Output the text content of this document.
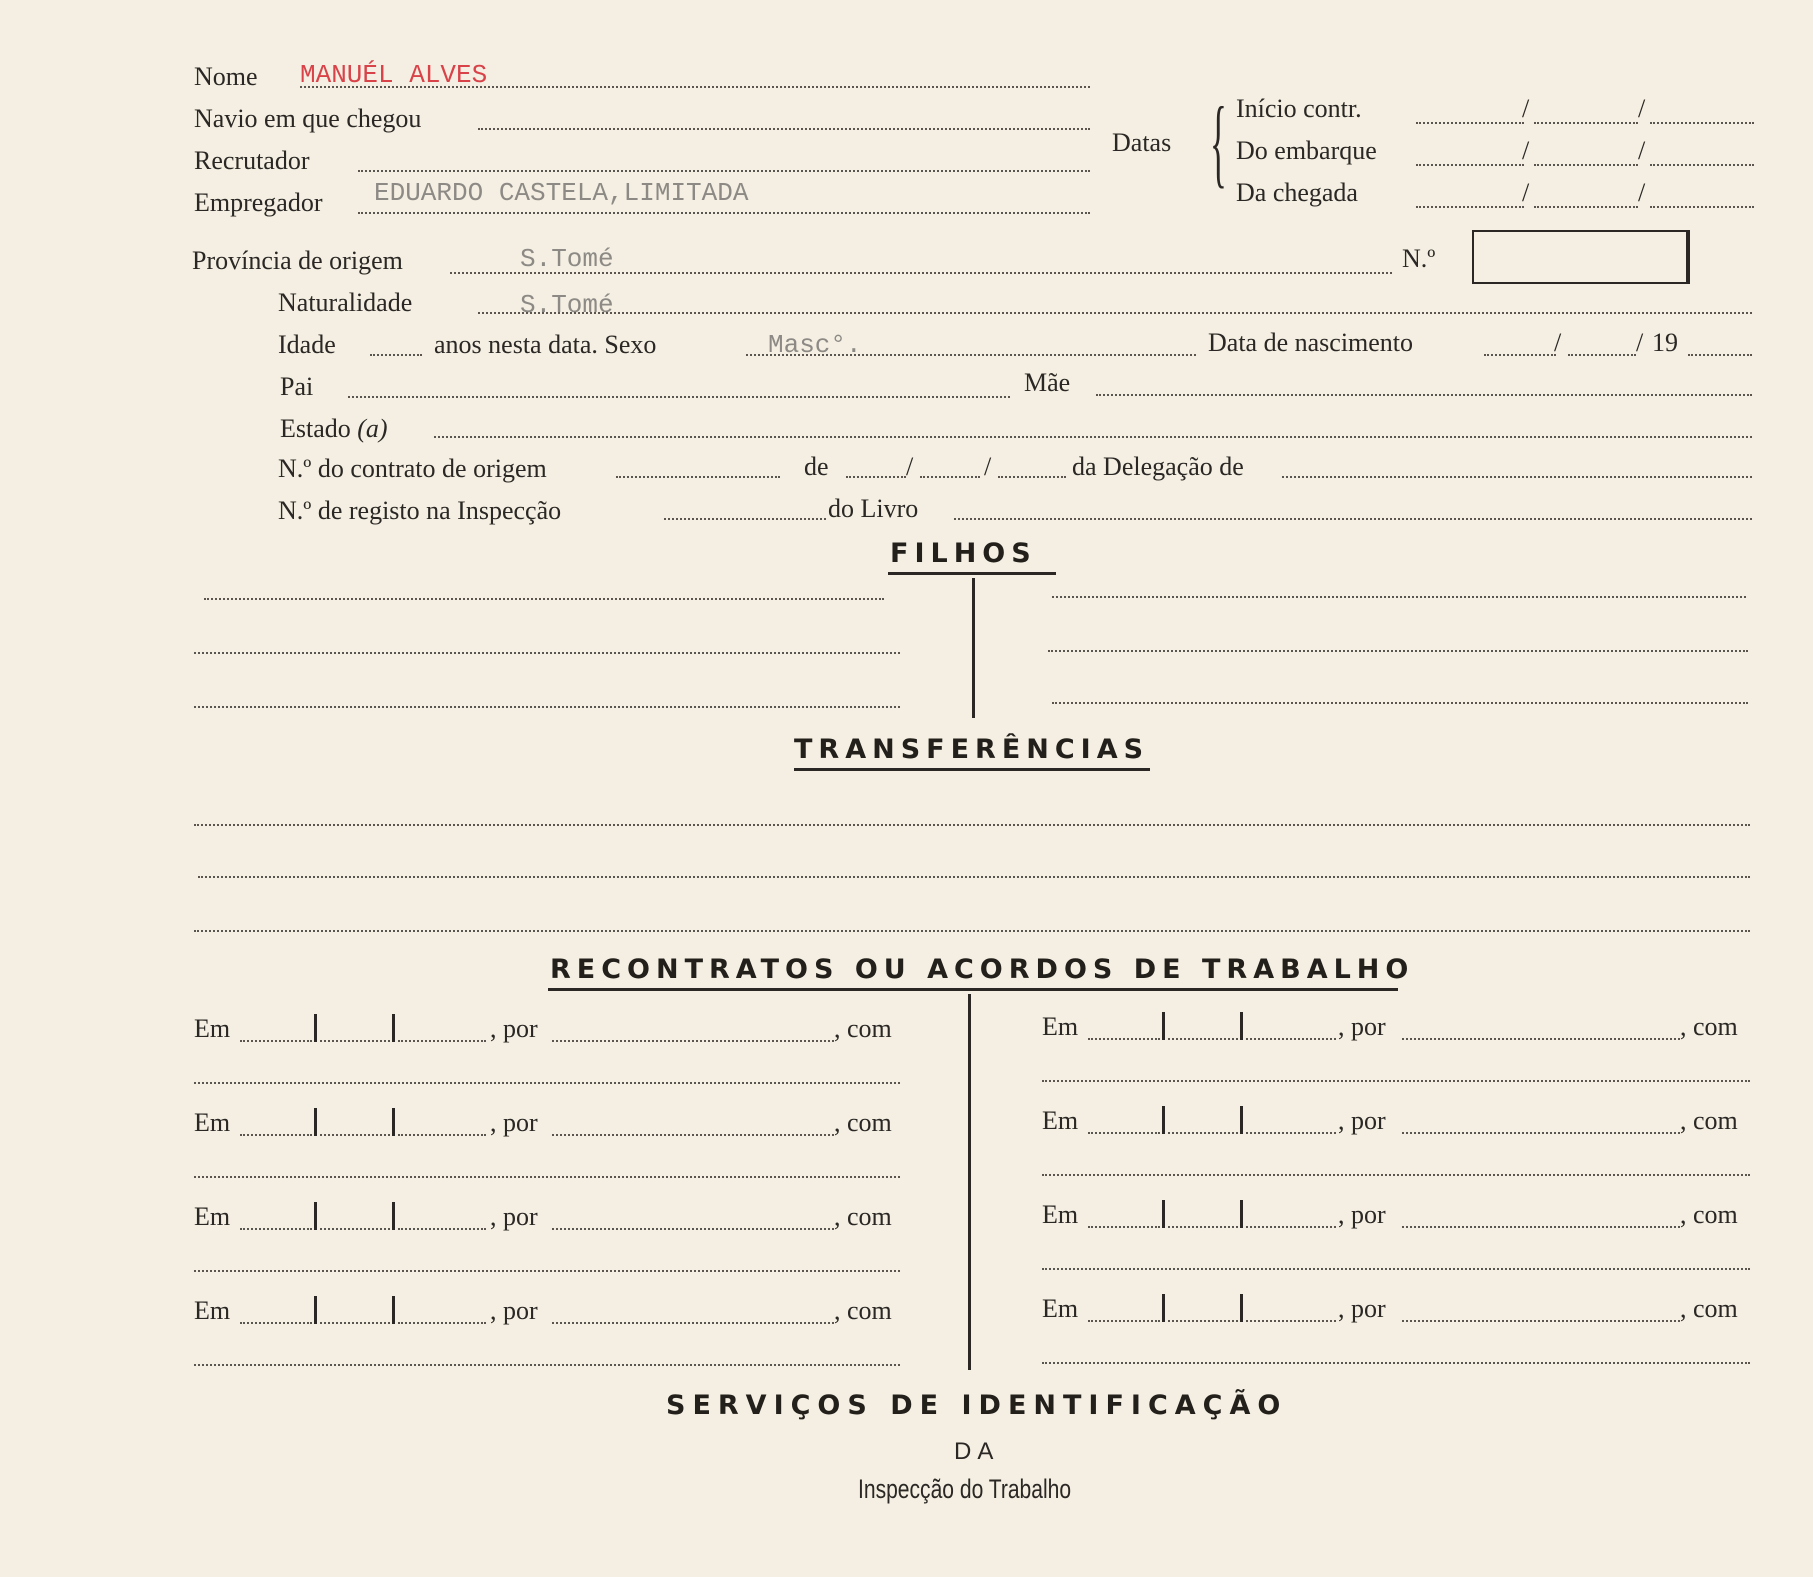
Nome MANUÉL ALVES
Navio em que chegou
Recrutador
Empregador EDUARDO CASTELA,LIMITADA
Datas { Início contr.	/	/
Do embarque	/	/
Da chegada	/	/
Província de origem	S.Tomé	N.º
Naturalidade	S.Tomé
Idade	anos nesta data. Sexo	Masc°.	Data de nascimento	/	/ 19
Pai	Mãe
Estado (a)
N.º do contrato de origem	de	/	/	da Delegação de
N.º de registo na Inspecção	do Livro
FILHOS
TRANSFERÊNCIAS
RECONTRATOS OU ACORDOS DE TRABALHO
Em	, por	, com	Em	, por	, com
Em	, por	, com	Em	, por	, com
Em	, por	, com	Em	, por	, com
Em	, por	, com	Em	, por	, com
SERVIÇOS DE IDENTIFICAÇÃO
DA
Inspecção do Trabalho
